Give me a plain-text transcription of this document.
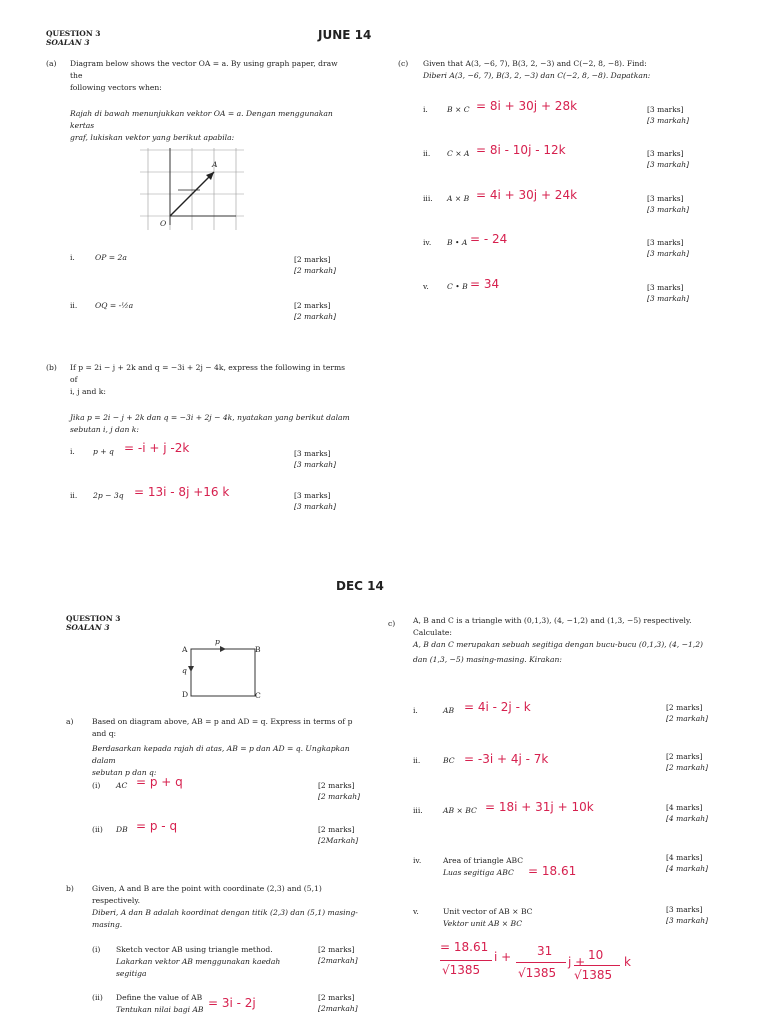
QUESTION 3
SOALAN 3
JUNE 14
(a) Diagram below shows the vector OA = a. By using graph paper, draw the
following vectors when:
Rajah di bawah menunjukkan vektor OA = a. Dengan menggunakan kertas
graf, lukiskan vektor yang berikut apabila:
A
O
i.	OP = 2a	[2 marks]
[2 markah]
ii. OQ = -½a	[2 marks]
[2 markah]
(b) If p = 2i − j + 2k and q = −3i + 2j − 4k, express the following in terms of
i, j and k:
Jika p = 2i − j + 2k dan q = −3i + 2j − 4k, nyatakan yang berikut dalam
sebutan i, j dan k:
i. p + q = -i + j -2k	[3 marks]
[3 markah]
ii. 2p − 3q = 13i - 8j +16 k	[3 marks]
[3 markah]
(c) Given that A(3, −6, 7), B(3, 2, −3) and C(−2, 8, −8). Find:
Diberi A(3, −6, 7), B(3, 2, −3) dan C(−2, 8, −8). Dapatkan:
i.	B × C = 8i + 30j + 28k	[3 marks]
[3 markah]
ii. C × A = 8i - 10j - 12k	[3 marks]
[3 markah]
iii. A × B = 4i + 30j + 24k	[3 marks]
[3 markah]
iv. B • A = - 24	[3 marks]
[3 markah]
v. C • B = 34	[3 marks]
[3 markah]
DEC 14
QUESTION 3
SOALAN 3
A	B
D	C
p
q
a) Based on diagram above, AB = p and AD = q. Express in terms of p and q:
Berdasarkan kepada rajah di atas, AB = p dan AD = q. Ungkapkan dalam
sebutan p dan q:
(i) AC = p + q	[2 marks]
[2 markah]
(ii) DB = p - q	[2 marks]
[2Markah]
b) Given, A and B are the point with coordinate (2,3) and (5,1) respectively.
Diberi, A dan B adalah koordinat dengan titik (2,3) dan (5,1) masing-
masing.
(i) Sketch vector AB using triangle method.
Lakarkan vektor AB menggunakan kaedah segitiga
[2 marks]
[2markah]
(ii) Define the value of AB
Tentukan nilai bagi AB = 3i - 2j	[2 marks]
[2markah]
c) A, B and C is a triangle with (0,1,3), (4, −1,2) and (1,3, −5) respectively.
Calculate:
A, B dan C merupakan sebuah segitiga dengan bucu-bucu (0,1,3), (4, −1,2)
dan (1,3, −5) masing-masing. Kirakan:
i.	AB = 4i - 2j - k	[2 marks]
[2 markah]
ii.	BC = -3i + 4j - 7k	[2 marks]
[2 markah]
iii.	AB × BC = 18i + 31j + 10k	[4 marks]
[4 markah]
iv.	Area of triangle ABC
Luas segitiga ABC	= 18.61
[4 marks]
[4 markah]
v.	Unit vector of AB × BC
Vektor unit AB × BC
[3 marks]
[3 markah]
= 18.61
√1385
i + 31
√1385
j + 10
√1385
k
